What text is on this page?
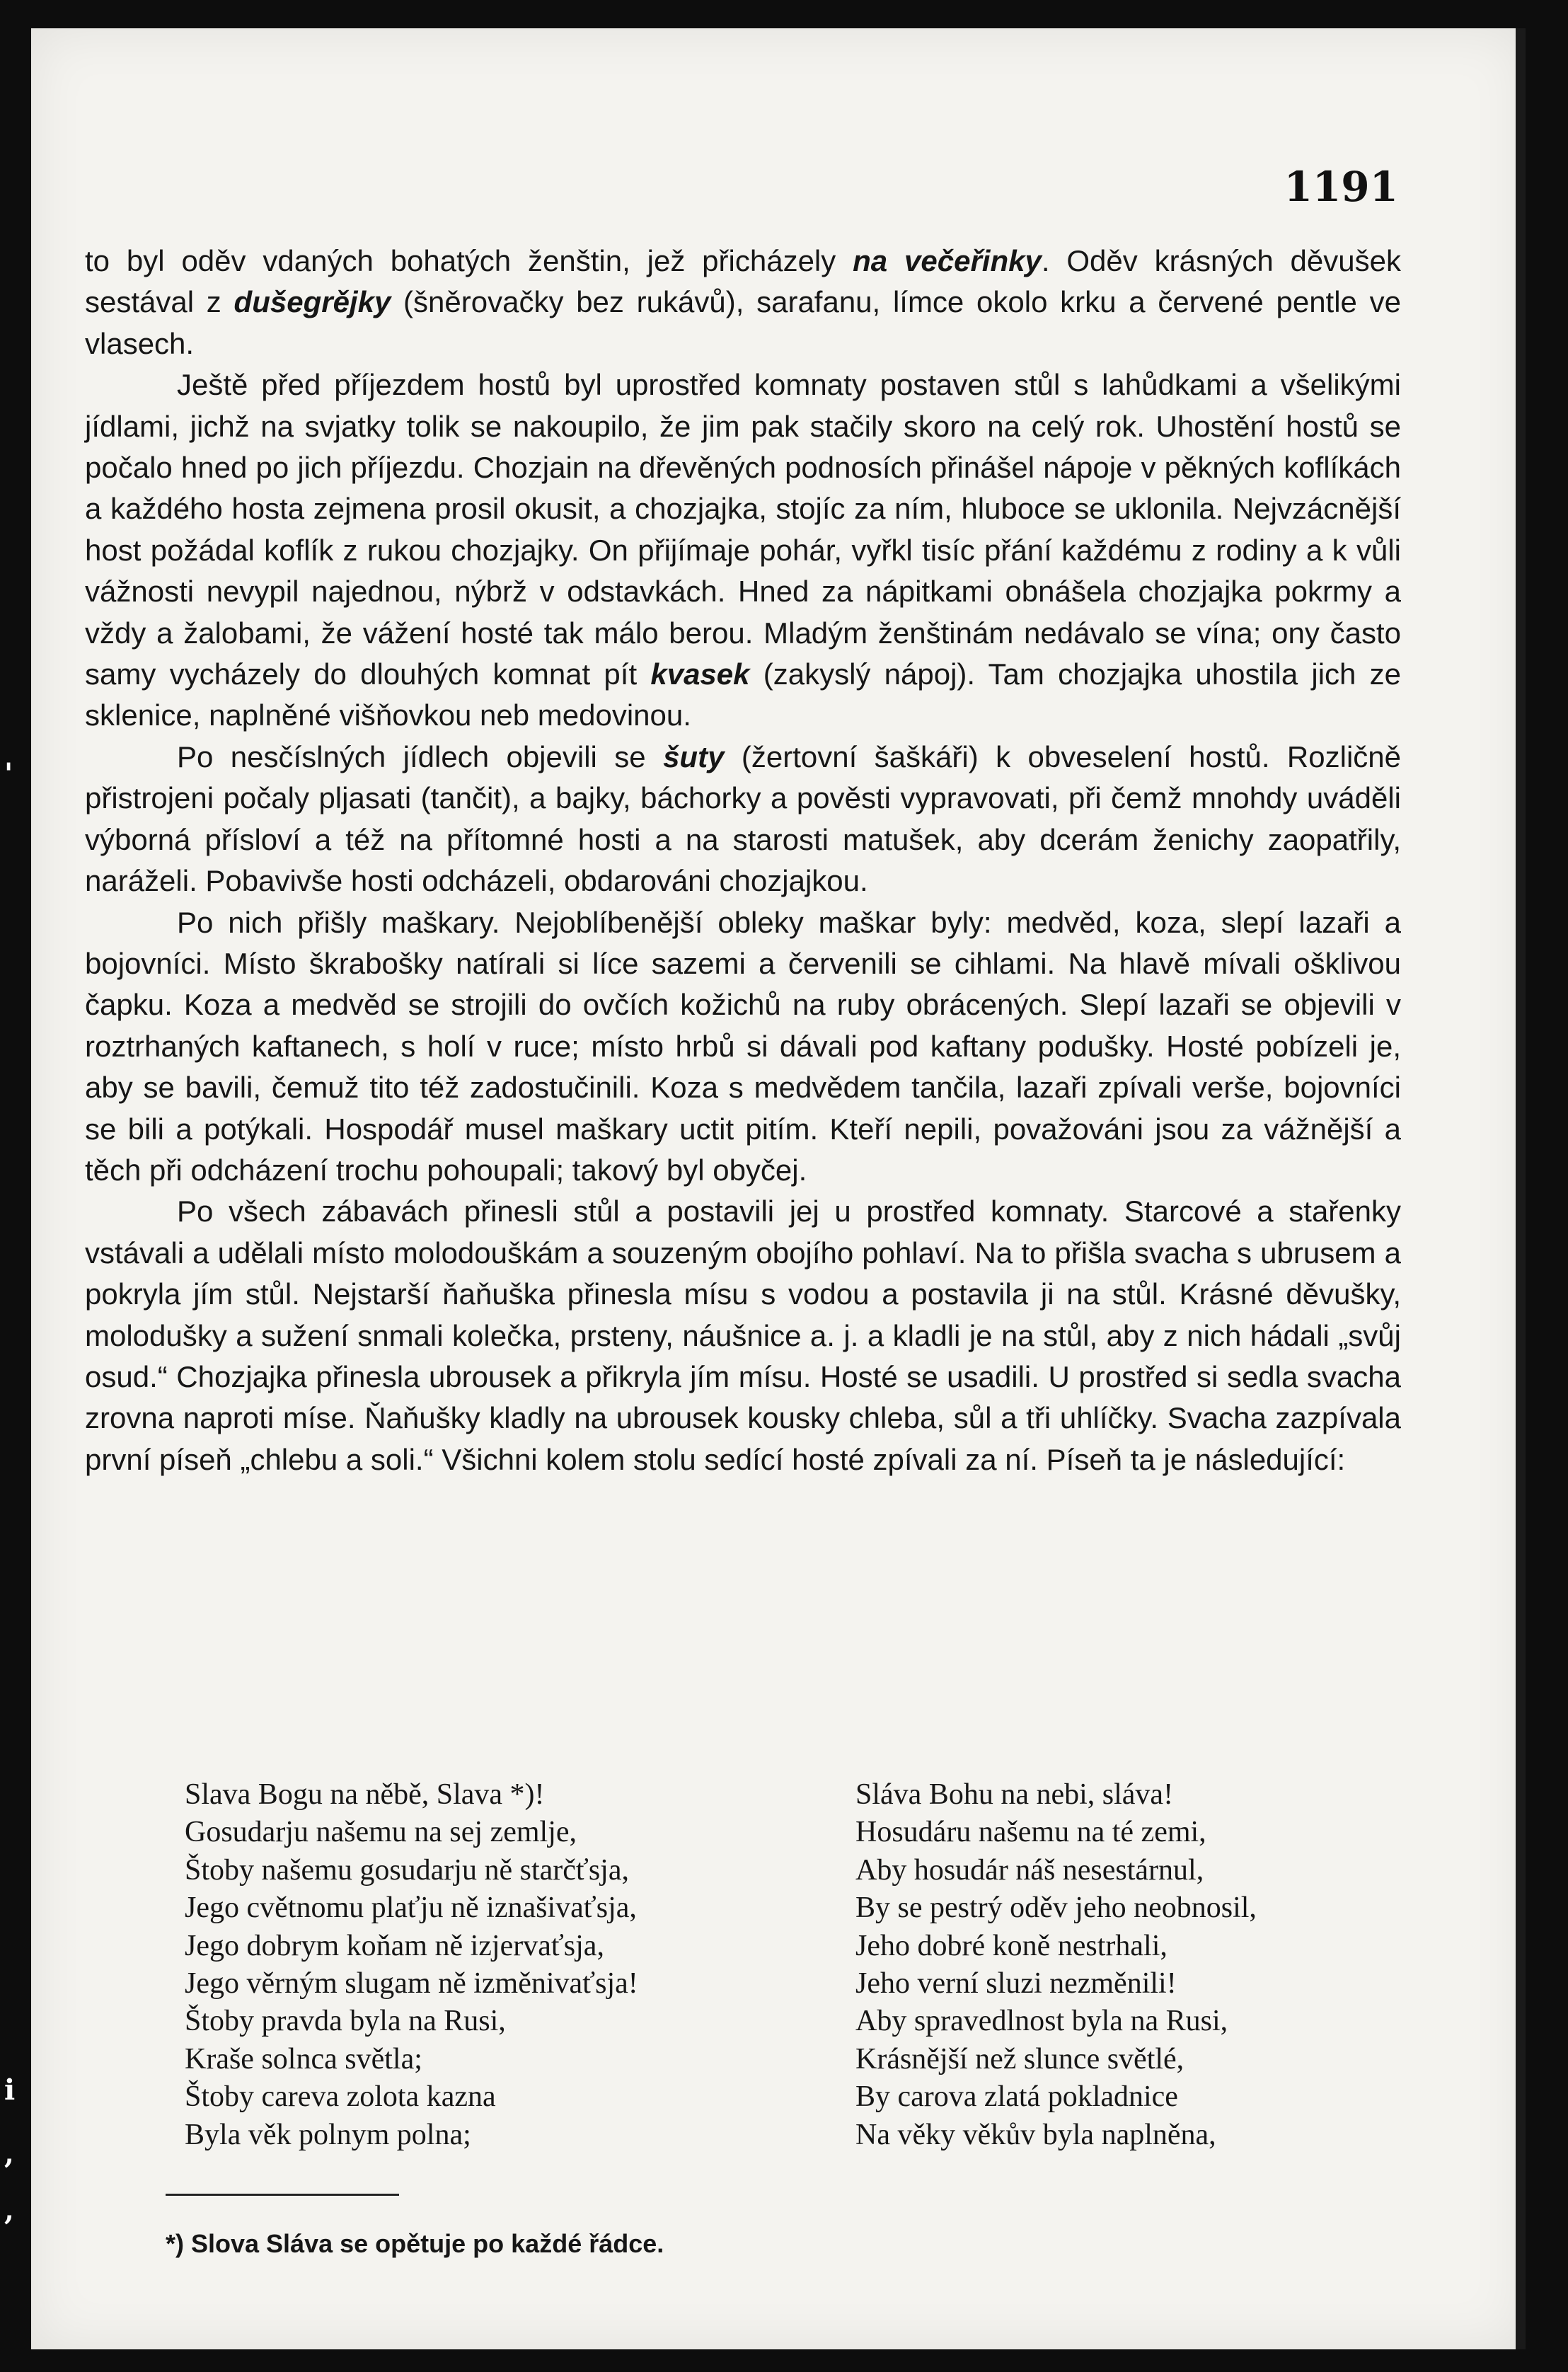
1191

to byl oděv vdaných bohatých ženštin, jež přicházely na večeřinky. Oděv krásných děvušek sestával z dušegrějky (šněrovačky bez rukávů), sarafanu, límce okolo krku a červené pentle ve vlasech.

Ještě před příjezdem hostů byl uprostřed komnaty postaven stůl s lahůdkami a všelikými jídlami, jichž na svjatky tolik se nakoupilo, že jim pak stačily skoro na celý rok. Uhostění hostů se počalo hned po jich příjezdu. Chozjain na dřevěných podnosích přinášel nápoje v pěkných koflíkách a každého hosta zejmena prosil okusit, a chozjajka, stojíc za ním, hluboce se uklonila. Nejvzácnější host požádal koflík z rukou chozjajky. On přijímaje pohár, vyřkl tisíc přání každému z rodiny a k vůli vážnosti nevypil najednou, nýbrž v odstavkách. Hned za nápitkami obnášela chozjajka pokrmy a vždy a žalobami, že vážení hosté tak málo berou. Mladým ženštinám nedávalo se vína; ony často samy vycházely do dlouhých komnat pít kvasek (zakyslý nápoj). Tam chozjajka uhostila jich ze sklenice, naplněné višňovkou neb medovinou.

Po nesčíslných jídlech objevili se šuty (žertovní šaškáři) k obveselení hostů. Rozličně přistrojeni počaly pljasati (tančit), a bajky, báchorky a pověsti vypravovati, při čemž mnohdy uváděli výborná přísloví a též na přítomné hosti a na starosti matušek, aby dcerám ženichy zaopatřily, naráželi. Pobavivše hosti odcházeli, obdarováni chozjajkou.

Po nich přišly maškary. Nejoblíbenější obleky maškar byly: medvěd, koza, slepí lazaři a bojovníci. Místo škrabošky natírali si líce sazemi a červenili se cihlami. Na hlavě mívali ošklivou čapku. Koza a medvěd se strojili do ovčích kožichů na ruby obrácených. Slepí lazaři se objevili v roztrhaných kaftanech, s holí v ruce; místo hrbů si dávali pod kaftany podušky. Hosté pobízeli je, aby se bavili, čemuž tito též zadostučinili. Koza s medvědem tančila, lazaři zpívali verše, bojovníci se bili a potýkali. Hospodář musel maškary uctit pitím. Kteří nepili, považováni jsou za vážnější a těch při odcházení trochu pohoupali; takový byl obyčej.

Po všech zábavách přinesli stůl a postavili jej u prostřed komnaty. Starcové a stařenky vstávali a udělali místo molodouškám a souzeným obojího pohlaví. Na to přišla svacha s ubrusem a pokryla jím stůl. Nejstarší ňaňuška přinesla mísu s vodou a postavila ji na stůl. Krásné děvušky, molodušky a sužení snmali kolečka, prsteny, náušnice a. j. a kladli je na stůl, aby z nich hádali „svůj osud.“ Chozjajka přinesla ubrousek a přikryla jím mísu. Hosté se usadili. U prostřed si sedla svacha zrovna naproti míse. Ňaňušky kladly na ubrousek kousky chleba, sůl a tři uhlíčky. Svacha zazpívala první píseň „chlebu a soli.“ Všichni kolem stolu sedící hosté zpívali za ní. Píseň ta je následující:

Slava Bogu na něbě, Slava *)!
Gosudarju našemu na sej zemlje,
Štoby našemu gosudarju ně starčťsja,
Jego cvětnomu plaťju ně iznašivaťsja,
Jego dobrym koňam ně izjervaťsja,
Jego věrným slugam ně izměnivaťsja!
Štoby pravda byla na Rusi,
Kraše solnca světla;
Štoby careva zolota kazna
Byla věk polnym polna;
Sláva Bohu na nebi, sláva!
Hosudáru našemu na té zemi,
Aby hosudár náš nesestárnul,
By se pestrý oděv jeho neobnosil,
Jeho dobré koně nestrhali,
Jeho verní sluzi nezměnili!
Aby spravedlnost byla na Rusi,
Krásnější než slunce světlé,
By carova zlatá pokladnice
Na věky věkův byla naplněna,
*) Slova Sláva se opětuje po každé řádce.
'
i
,
,
